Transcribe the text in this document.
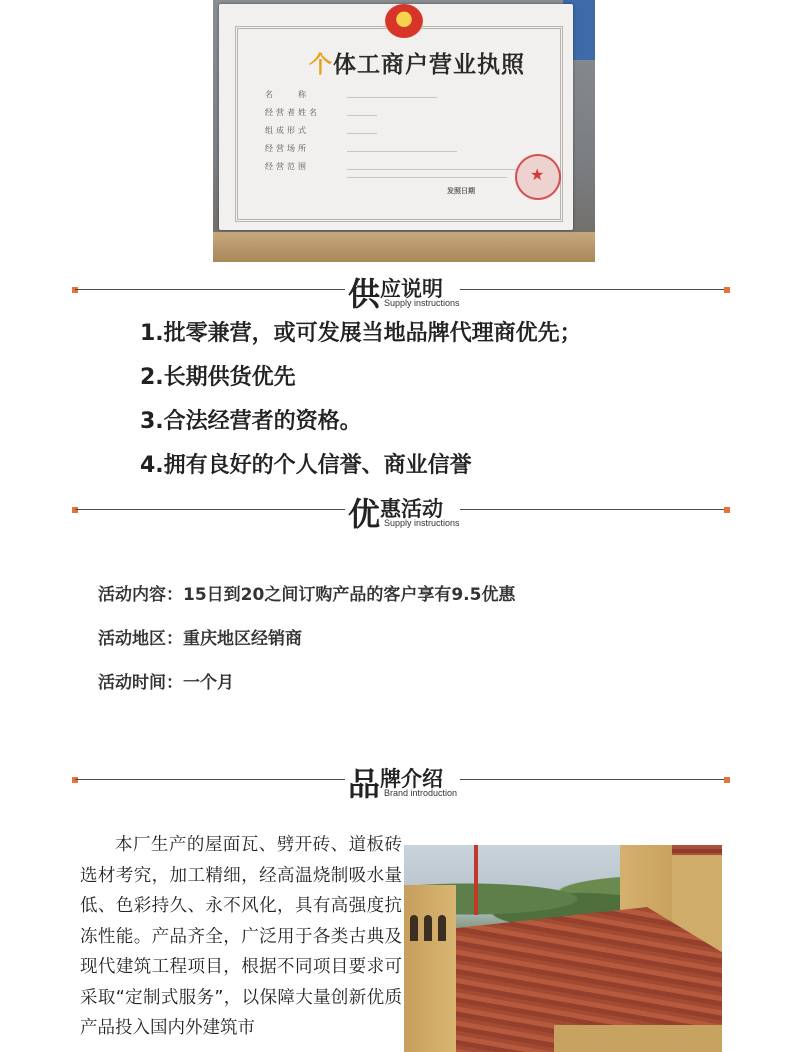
个体工商户营业执照
名　　称
经营者姓名
组成形式
经营场所
经营范围
★
发照日期
供应说明
Supply instructions
1.批零兼营，或可发展当地品牌代理商优先；
2.长期供货优先
3.合法经营者的资格。
4.拥有良好的个人信誉、商业信誉
优惠活动
Supply instructions
活动内容：15日到20之间订购产品的客户享有9.5优惠
活动地区：重庆地区经销商
活动时间：一个月
品牌介绍
Brand introduction
本厂生产的屋面瓦、劈开砖、道板砖选材考究，加工精细，经高温烧制吸水量低、色彩持久、永不风化，具有高强度抗冻性能。产品齐全，广泛用于各类古典及现代建筑工程项目，根据不同项目要求可采取“定制式服务”，以保障大量创新优质产品投入国内外建筑市
